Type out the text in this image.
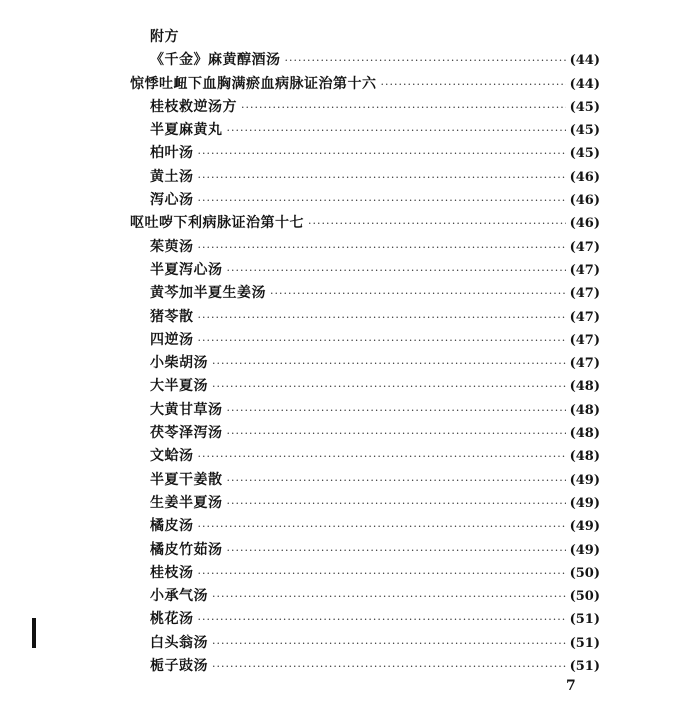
附方
《千金》麻黄醇酒汤 ·····	(44)
惊悸吐衄下血胸满瘀血病脉证治第十六 ·····	(44)
桂枝救逆汤方 ·····	(45)
半夏麻黄丸 ·····	(45)
柏叶汤 ·····	(45)
黄土汤 ·····	(46)
泻心汤 ·····	(46)
呕吐哕下利病脉证治第十七 ·····	(46)
茱萸汤 ·····	(47)
半夏泻心汤 ·····	(47)
黄芩加半夏生姜汤 ·····	(47)
猪苓散 ·····	(47)
四逆汤 ·····	(47)
小柴胡汤 ·····	(47)
大半夏汤 ·····	(48)
大黄甘草汤 ·····	(48)
茯苓泽泻汤 ·····	(48)
文蛤汤 ·····	(48)
半夏干姜散 ·····	(49)
生姜半夏汤 ·····	(49)
橘皮汤 ·····	(49)
橘皮竹茹汤 ·····	(49)
桂枝汤 ·····	(50)
小承气汤 ·····	(50)
桃花汤 ·····	(51)
白头翁汤 ·····	(51)
栀子豉汤 ·····	(51)
7
